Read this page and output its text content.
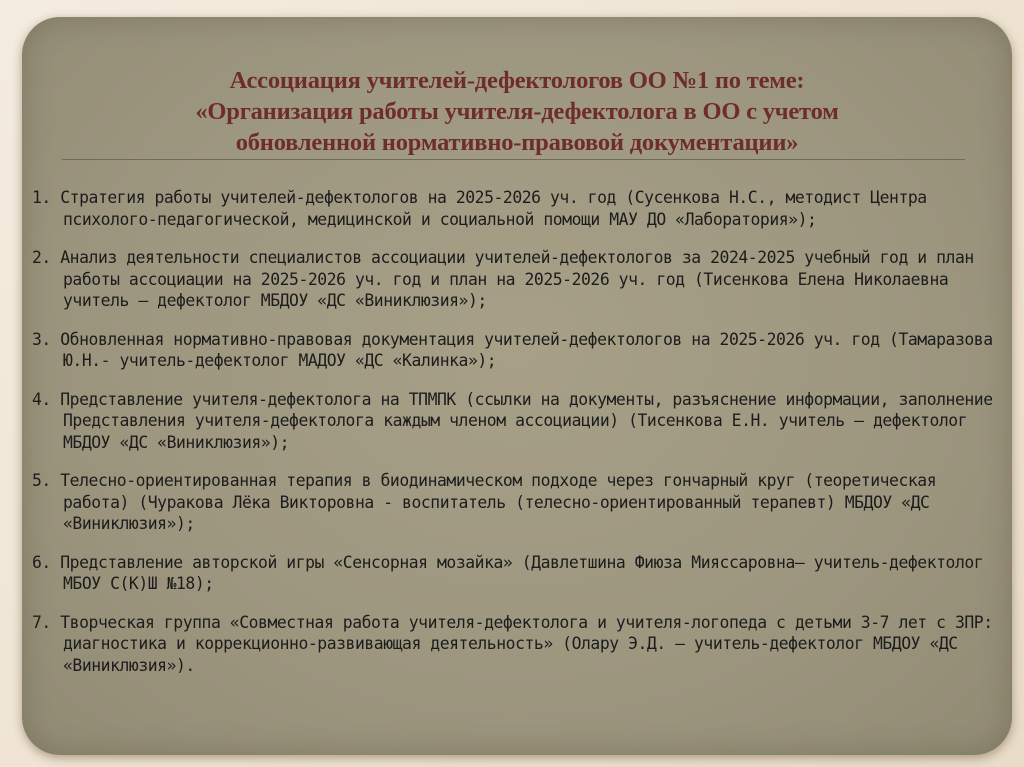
Ассоциация учителей-дефектологов ОО №1 по теме:
«Организация работы учителя-дефектолога в ОО с учетом
обновленной нормативно-правовой документации»
1. Стратегия работы учителей-дефектологов на 2025-2026 уч. год (Сусенкова Н.С., методист Центра психолого-педагогической, медицинской и социальной помощи МАУ ДО «Лаборатория»);
2. Анализ деятельности специалистов ассоциации учителей-дефектологов за 2024-2025 учебный год и план работы ассоциации на 2025-2026 уч. год и план на 2025-2026 уч. год (Тисенкова Елена Николаевна учитель – дефектолог МБДОУ «ДС «Виниклюзия»);
3. Обновленная нормативно-правовая документация учителей-дефектологов на 2025-2026 уч. год (Тамаразова Ю.Н.- учитель-дефектолог МАДОУ «ДС «Калинка»);
4. Представление учителя-дефектолога на ТПМПК (ссылки на документы, разъяснение информации, заполнение Представления учителя-дефектолога каждым членом ассоциации) (Тисенкова Е.Н. учитель – дефектолог МБДОУ «ДС «Виниклюзия»);
5. Телесно-ориентированная терапия в биодинамическом подходе через гончарный круг (теоретическая работа) (Чуракова Лёка Викторовна - воспитатель (телесно-ориентированный терапевт) МБДОУ «ДС «Виниклюзия»);
6. Представление авторской игры «Сенсорная мозайка» (Давлетшина Фиюза Мияссаровна– учитель-дефектолог МБОУ С(К)Ш №18);
7. Творческая группа «Совместная работа учителя-дефектолога и учителя-логопеда с детьми 3-7 лет с ЗПР: диагностика и коррекционно-развивающая деятельность» (Олару Э.Д. – учитель-дефектолог МБДОУ «ДС «Виниклюзия»).
